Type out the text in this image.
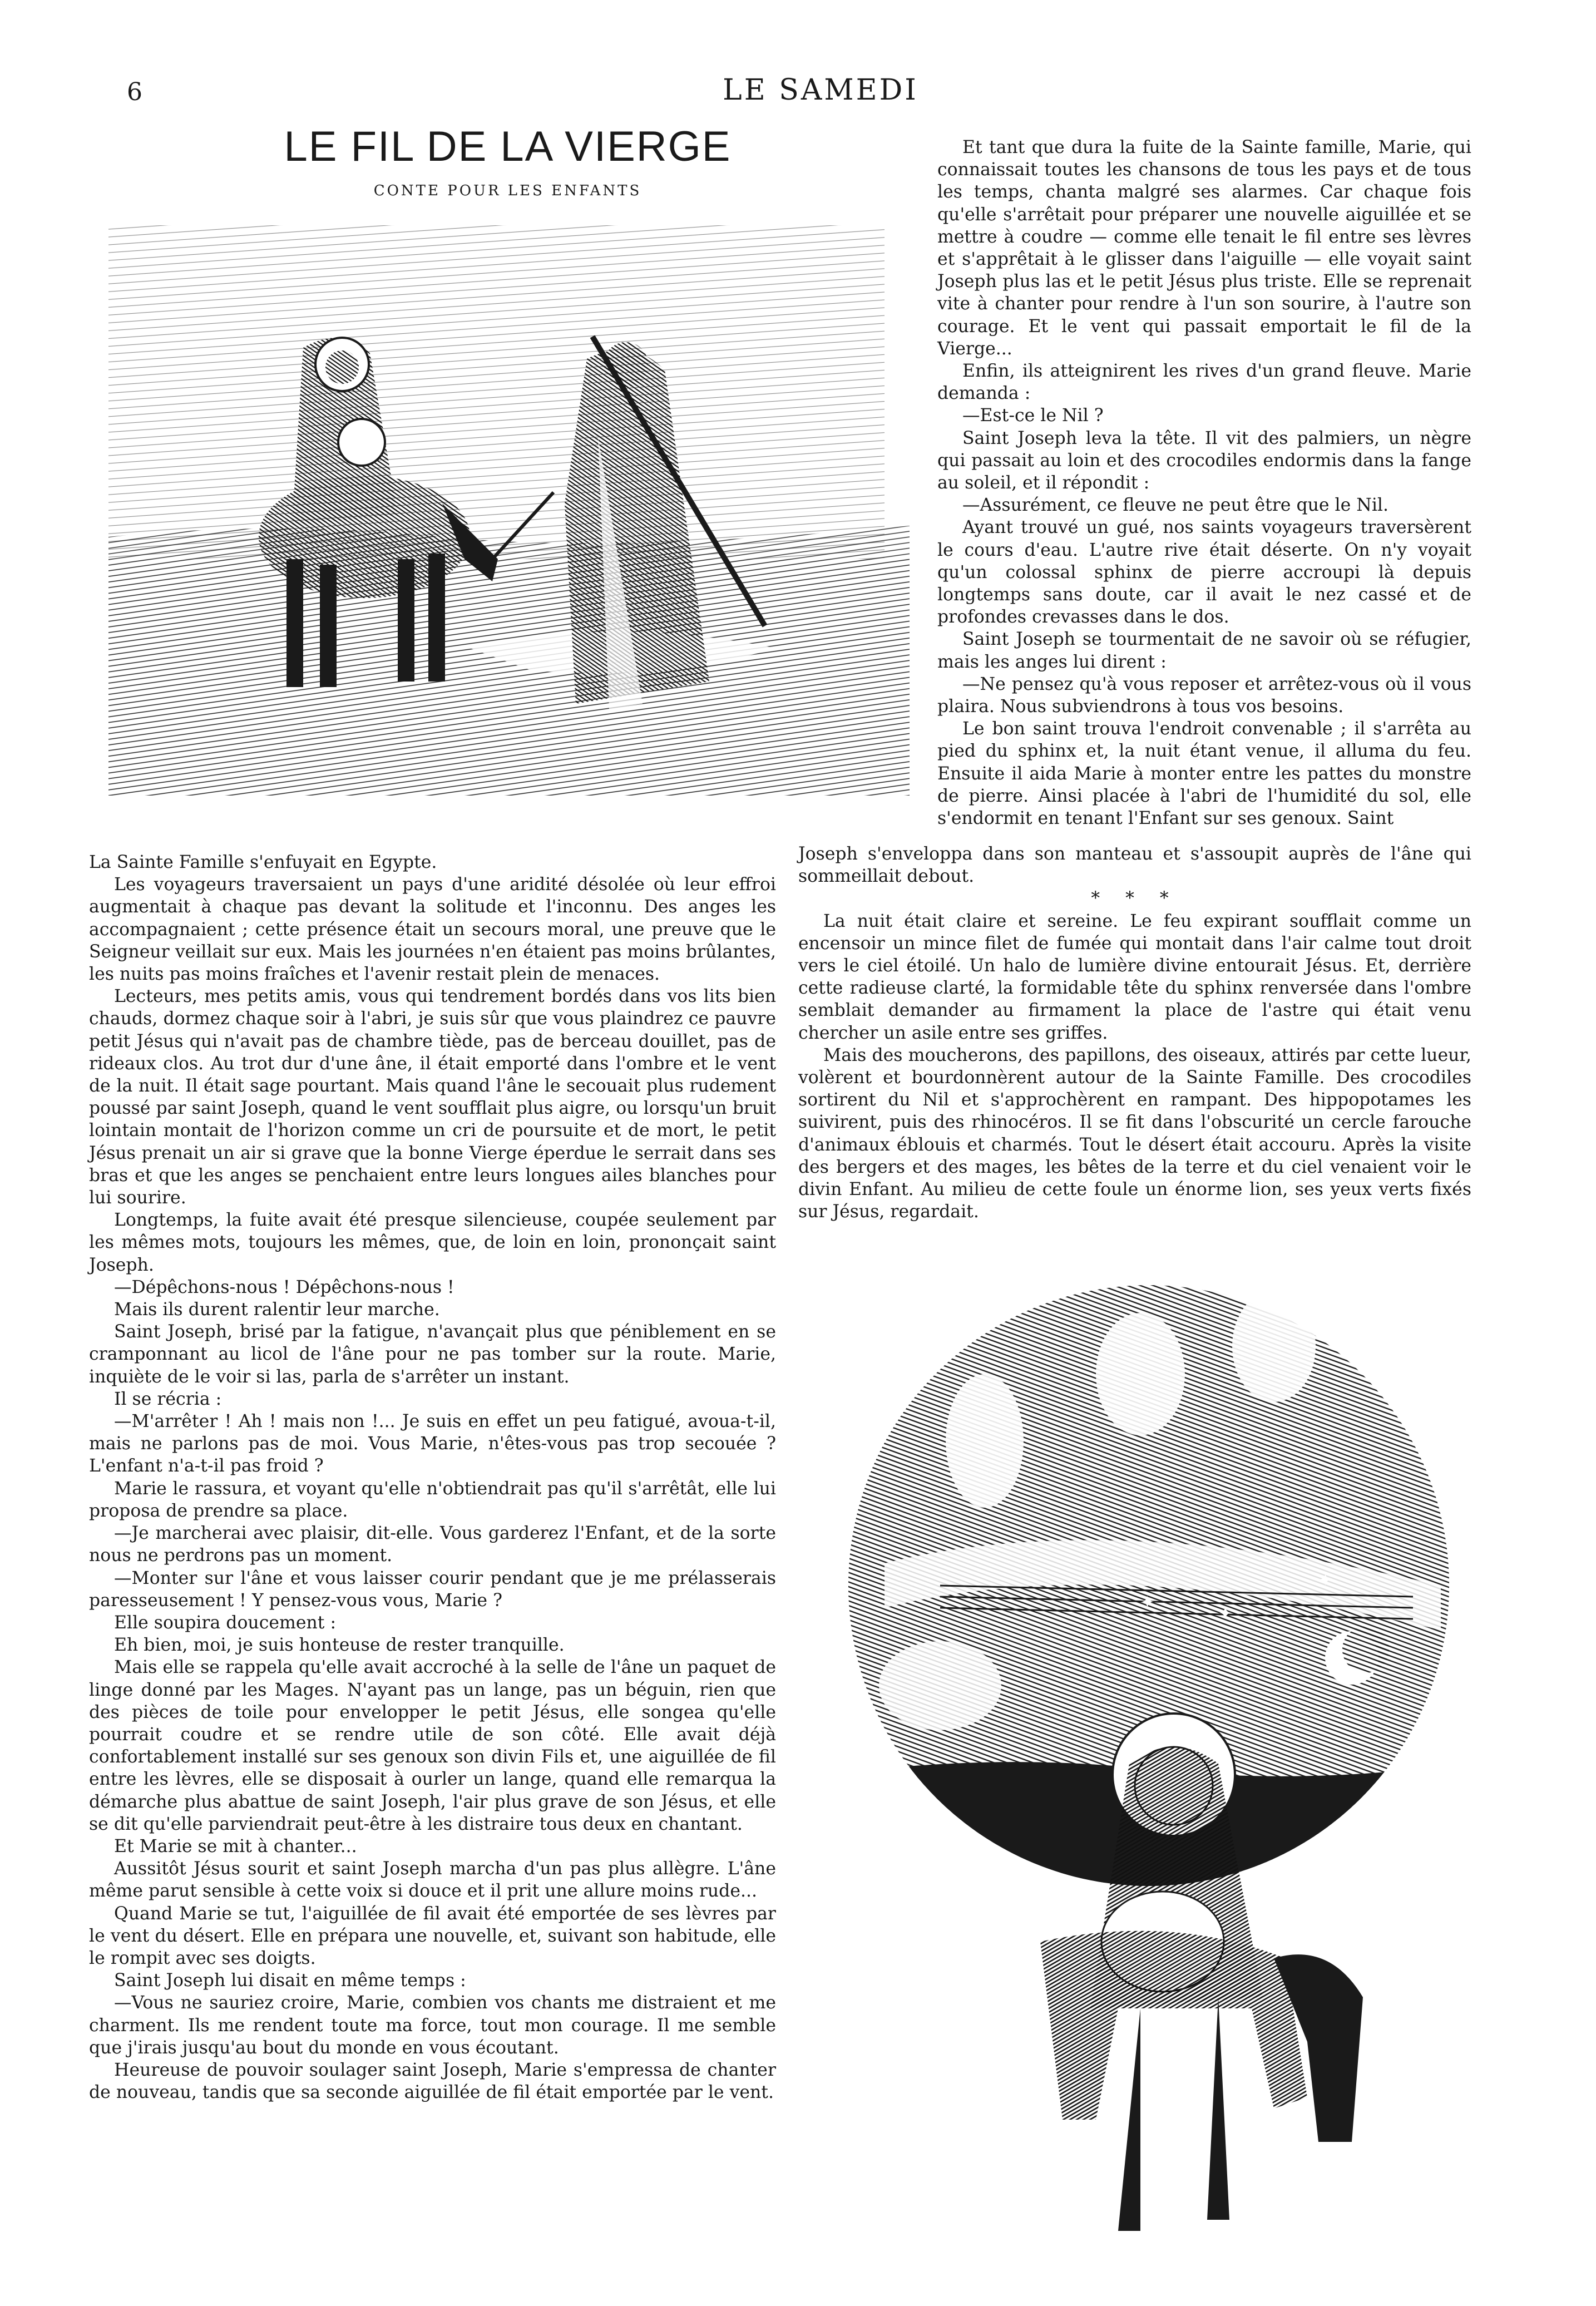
6	LE SAMEDI
LE FIL DE LA VIERGE
CONTE POUR LES ENFANTS

Et tant que dura la fuite de la Sainte famille, Marie, qui connaissait toutes les chansons de tous les pays et de tous les temps, chanta malgré ses alarmes. Car chaque fois qu'elle s'arrêtait pour préparer une nouvelle aiguillée et se mettre à coudre — comme elle tenait le fil entre ses lèvres et s'apprêtait à le glisser dans l'aiguille — elle voyait saint Joseph plus las et le petit Jésus plus triste. Elle se reprenait vite à chanter pour rendre à l'un son sourire, à l'autre son courage. Et le vent qui passait emportait le fil de la Vierge...

Enfin, ils atteignirent les rives d'un grand fleuve. Marie demanda :

—Est-ce le Nil ?

Saint Joseph leva la tête. Il vit des palmiers, un nègre qui passait au loin et des crocodiles endormis dans la fange au soleil, et il répondit :

—Assurément, ce fleuve ne peut être que le Nil.

Ayant trouvé un gué, nos saints voyageurs traversèrent le cours d'eau. L'autre rive était déserte. On n'y voyait qu'un colossal sphinx de pierre accroupi là depuis longtemps sans doute, car il avait le nez cassé et de profondes crevasses dans le dos.

Saint Joseph se tourmentait de ne savoir où se réfugier, mais les anges lui dirent :

—Ne pensez qu'à vous reposer et arrêtez-vous où il vous plaira. Nous subviendrons à tous vos besoins.

Le bon saint trouva l'endroit convenable ; il s'arrêta au pied du sphinx et, la nuit étant venue, il alluma du feu. Ensuite il aida Marie à monter entre les pattes du monstre de pierre. Ainsi placée à l'abri de l'humidité du sol, elle s'endormit en tenant l'Enfant sur ses genoux. Saint

Joseph s'enveloppa dans son manteau et s'assoupit auprès de l'âne qui sommeillait debout.

* * *

La nuit était claire et sereine. Le feu expirant soufflait comme un encensoir un mince filet de fumée qui montait dans l'air calme tout droit vers le ciel étoilé. Un halo de lumière divine entourait Jésus. Et, derrière cette radieuse clarté, la formidable tête du sphinx renversée dans l'ombre semblait demander au firmament la place de l'astre qui était venu chercher un asile entre ses griffes.

Mais des moucherons, des papillons, des oiseaux, attirés par cette lueur, volèrent et bourdonnèrent autour de la Sainte Famille. Des crocodiles sortirent du Nil et s'approchèrent en rampant. Des hippopotames les suivirent, puis des rhinocéros. Il se fit dans l'obscurité un cercle farouche d'animaux éblouis et charmés. Tout le désert était accouru. Après la visite des bergers et des mages, les bêtes de la terre et du ciel venaient voir le divin Enfant. Au milieu de cette foule un énorme lion, ses yeux verts fixés sur Jésus, regardait.

La Sainte Famille s'enfuyait en Egypte.

Les voyageurs traversaient un pays d'une aridité désolée où leur effroi augmentait à chaque pas devant la solitude et l'inconnu. Des anges les accompagnaient ; cette présence était un secours moral, une preuve que le Seigneur veillait sur eux. Mais les journées n'en étaient pas moins brûlantes, les nuits pas moins fraîches et l'avenir restait plein de menaces.

Lecteurs, mes petits amis, vous qui tendrement bordés dans vos lits bien chauds, dormez chaque soir à l'abri, je suis sûr que vous plaindrez ce pauvre petit Jésus qui n'avait pas de chambre tiède, pas de berceau douillet, pas de rideaux clos. Au trot dur d'une âne, il était emporté dans l'ombre et le vent de la nuit. Il était sage pourtant. Mais quand l'âne le secouait plus rudement poussé par saint Joseph, quand le vent soufflait plus aigre, ou lorsqu'un bruit lointain montait de l'horizon comme un cri de poursuite et de mort, le petit Jésus prenait un air si grave que la bonne Vierge éperdue le serrait dans ses bras et que les anges se penchaient entre leurs longues ailes blanches pour lui sourire.

Longtemps, la fuite avait été presque silencieuse, coupée seulement par les mêmes mots, toujours les mêmes, que, de loin en loin, prononçait saint Joseph.

—Dépêchons-nous ! Dépêchons-nous !

Mais ils durent ralentir leur marche.

Saint Joseph, brisé par la fatigue, n'avançait plus que péniblement en se cramponnant au licol de l'âne pour ne pas tomber sur la route. Marie, inquiète de le voir si las, parla de s'arrêter un instant.

Il se récria :

—M'arrêter ! Ah ! mais non !... Je suis en effet un peu fatigué, avoua-t-il, mais ne parlons pas de moi. Vous Marie, n'êtes-vous pas trop secouée ? L'enfant n'a-t-il pas froid ?

Marie le rassura, et voyant qu'elle n'obtiendrait pas qu'il s'arrêtât, elle lui proposa de prendre sa place.

—Je marcherai avec plaisir, dit-elle. Vous garderez l'Enfant, et de la sorte nous ne perdrons pas un moment.

—Monter sur l'âne et vous laisser courir pendant que je me prélasserais paresseusement ! Y pensez-vous vous, Marie ?

Elle soupira doucement :

Eh bien, moi, je suis honteuse de rester tranquille.

Mais elle se rappela qu'elle avait accroché à la selle de l'âne un paquet de linge donné par les Mages. N'ayant pas un lange, pas un béguin, rien que des pièces de toile pour envelopper le petit Jésus, elle songea qu'elle pourrait coudre et se rendre utile de son côté. Elle avait déjà confortablement installé sur ses genoux son divin Fils et, une aiguillée de fil entre les lèvres, elle se disposait à ourler un lange, quand elle remarqua la démarche plus abattue de saint Joseph, l'air plus grave de son Jésus, et elle se dit qu'elle parviendrait peut-être à les distraire tous deux en chantant.

Et Marie se mit à chanter...

Aussitôt Jésus sourit et saint Joseph marcha d'un pas plus allègre. L'âne même parut sensible à cette voix si douce et il prit une allure moins rude...

Quand Marie se tut, l'aiguillée de fil avait été emportée de ses lèvres par le vent du désert. Elle en prépara une nouvelle, et, suivant son habitude, elle le rompit avec ses doigts.

Saint Joseph lui disait en même temps :

—Vous ne sauriez croire, Marie, combien vos chants me distraient et me charment. Ils me rendent toute ma force, tout mon courage. Il me semble que j'irais jusqu'au bout du monde en vous écoutant.

Heureuse de pouvoir soulager saint Joseph, Marie s'empressa de chanter de nouveau, tandis que sa seconde aiguillée de fil était emportée par le vent.

✦
✦
✦
